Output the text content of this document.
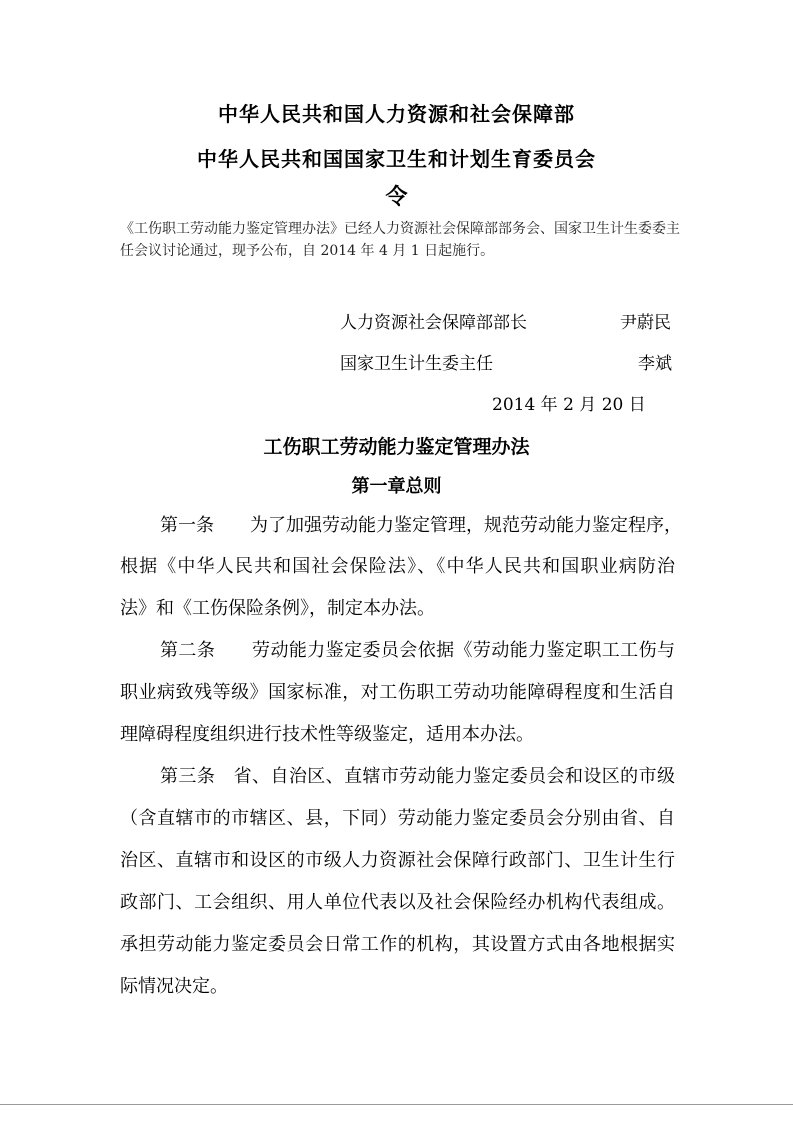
中华人民共和国人力资源和社会保障部
中华人民共和国国家卫生和计划生育委员会
令
《工伤职工劳动能力鉴定管理办法》已经人力资源社会保障部部务会、国家卫生计生委委主任会议讨论通过，现予公布，自 2014 年 4 月 1 日起施行。
人力资源社会保障部部长	尹蔚民
国家卫生计生委主任	李斌
2014 年 2 月 20 日
工伤职工劳动能力鉴定管理办法
第一章总则
第一条　　为了加强劳动能力鉴定管理，规范劳动能力鉴定程序，
根据《中华人民共和国社会保险法》、《中华人民共和国职业病防治
法》和《工伤保险条例》，制定本办法。
第二条　　劳动能力鉴定委员会依据《劳动能力鉴定职工工伤与
职业病致残等级》国家标准，对工伤职工劳动功能障碍程度和生活自
理障碍程度组织进行技术性等级鉴定，适用本办法。
第三条　省、自治区、直辖市劳动能力鉴定委员会和设区的市级
（含直辖市的市辖区、县，下同）劳动能力鉴定委员会分别由省、自
治区、直辖市和设区的市级人力资源社会保障行政部门、卫生计生行
政部门、工会组织、用人单位代表以及社会保险经办机构代表组成。
承担劳动能力鉴定委员会日常工作的机构，其设置方式由各地根据实
际情况决定。
